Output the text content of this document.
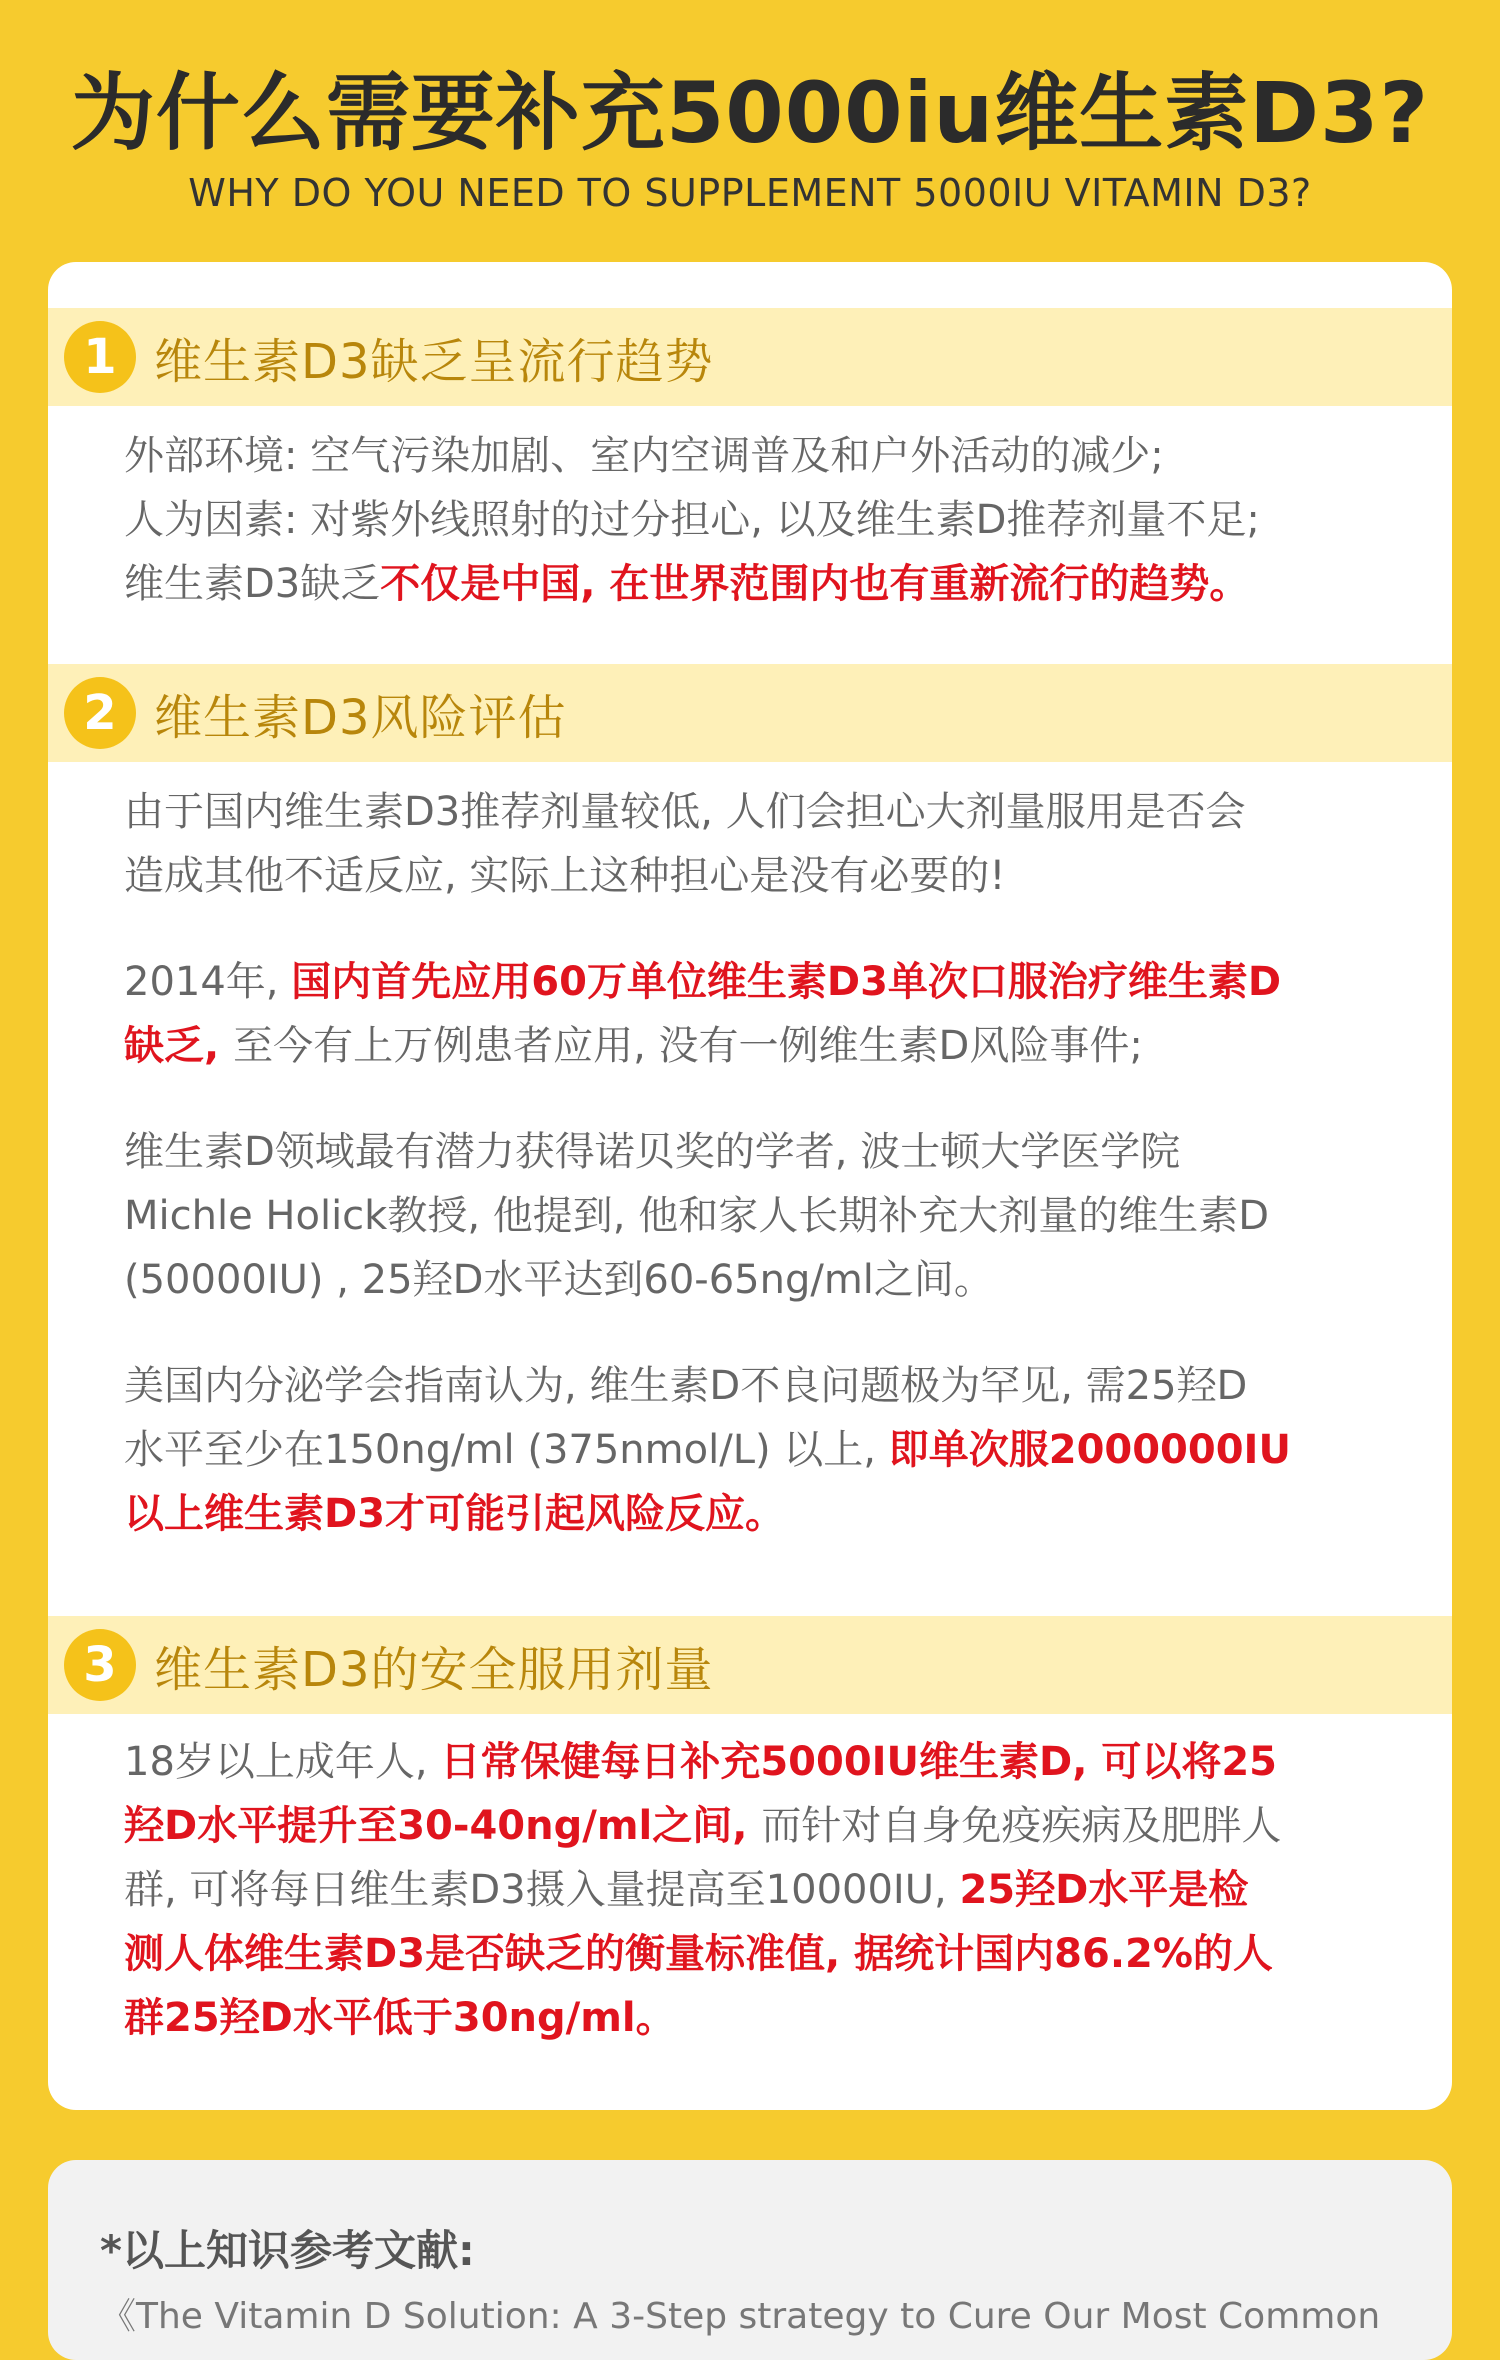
为什么需要补充5000iu维生素D3?
WHY DO YOU NEED TO SUPPLEMENT 5000IU VITAMIN D3?
1 维生素D3缺乏呈流行趋势
外部环境: 空气污染加剧、室内空调普及和户外活动的减少;
人为因素: 对紫外线照射的过分担心, 以及维生素D推荐剂量不足;
维生素D3缺乏不仅是中国, 在世界范围内也有重新流行的趋势。
2 维生素D3风险评估
由于国内维生素D3推荐剂量较低, 人们会担心大剂量服用是否会
造成其他不适反应, 实际上这种担心是没有必要的!
2014年, 国内首先应用60万单位维生素D3单次口服治疗维生素D
缺乏, 至今有上万例患者应用, 没有一例维生素D风险事件;
维生素D领域最有潜力获得诺贝奖的学者, 波士顿大学医学院
Michle Holick教授, 他提到, 他和家人长期补充大剂量的维生素D
(50000IU) , 25羟D水平达到60-65ng/ml之间。
美国内分泌学会指南认为, 维生素D不良问题极为罕见, 需25羟D
水平至少在150ng/ml (375nmol/L) 以上, 即单次服2000000IU
以上维生素D3才可能引起风险反应。
3 维生素D3的安全服用剂量
18岁以上成年人, 日常保健每日补充5000IU维生素D, 可以将25
羟D水平提升至30-40ng/ml之间, 而针对自身免疫疾病及肥胖人
群, 可将每日维生素D3摄入量提高至10000IU, 25羟D水平是检
测人体维生素D3是否缺乏的衡量标准值, 据统计国内86.2%的人
群25羟D水平低于30ng/ml。
*以上知识参考文献:
《The Vitamin D Solution: A 3-Step strategy to Cure Our Most Common
